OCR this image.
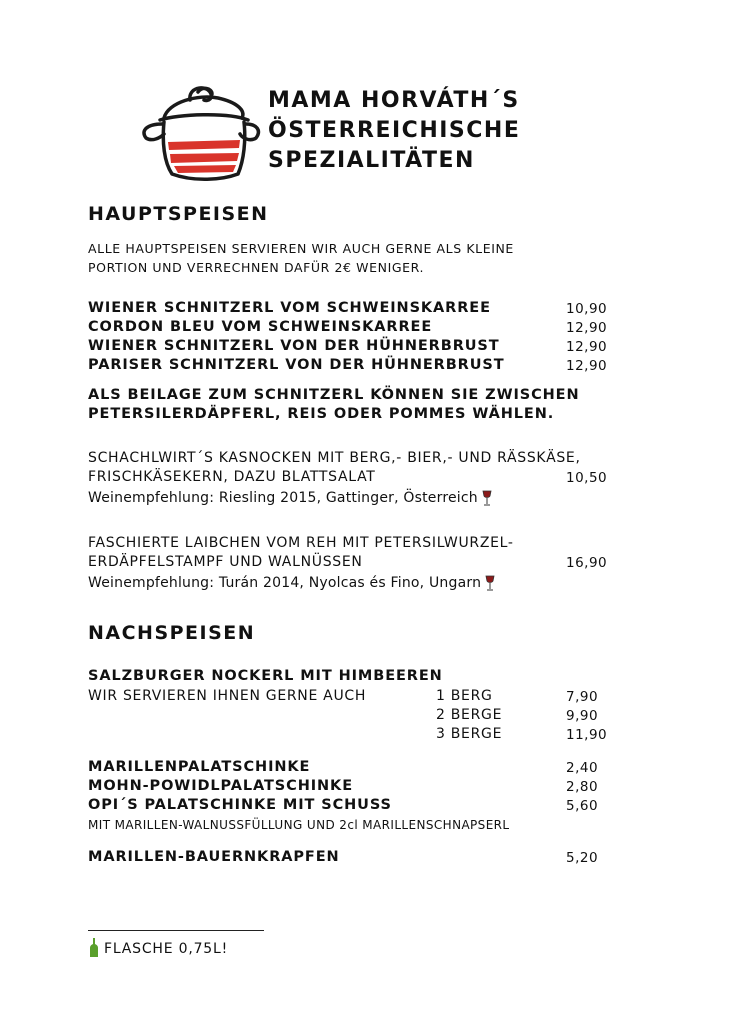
MAMA HORVÁTH´S
ÖSTERREICHISCHE
SPEZIALITÄTEN
HAUPTSPEISEN
ALLE HAUPTSPEISEN SERVIEREN WIR AUCH GERNE ALS KLEINE
PORTION UND VERRECHNEN DAFÜR 2€ WENIGER.
WIENER SCHNITZERL VOM SCHWEINSKARREE	10,90
CORDON BLEU VOM SCHWEINSKARREE	12,90
WIENER SCHNITZERL VON DER HÜHNERBRUST	12,90
PARISER SCHNITZERL VON DER HÜHNERBRUST	12,90
ALS BEILAGE ZUM SCHNITZERL KÖNNEN SIE ZWISCHEN
PETERSILERDÄPFERL, REIS ODER POMMES WÄHLEN.
SCHACHLWIRT´S KASNOCKEN MIT BERG,- BIER,- UND RÄSSKÄSE,
FRISCHKÄSEKERN, DAZU BLATTSALAT	10,50
Weinempfehlung: Riesling 2015, Gattinger, Österreich
FASCHIERTE LAIBCHEN VOM REH MIT PETERSILWURZEL-
ERDÄPFELSTAMPF UND WALNÜSSEN	16,90
Weinempfehlung: Turán 2014, Nyolcas és Fino, Ungarn
NACHSPEISEN
SALZBURGER NOCKERL MIT HIMBEEREN
WIR SERVIEREN IHNEN GERNE AUCH	1 BERG	7,90
2 BERGE	9,90
3 BERGE	11,90
MARILLENPALATSCHINKE	2,40
MOHN-POWIDLPALATSCHINKE	2,80
OPI´S PALATSCHINKE MIT SCHUSS	5,60
MIT MARILLEN-WALNUSSFÜLLUNG UND 2cl MARILLENSCHNAPSERL
MARILLEN-BAUERNKRAPFEN	5,20
FLASCHE 0,75L!
